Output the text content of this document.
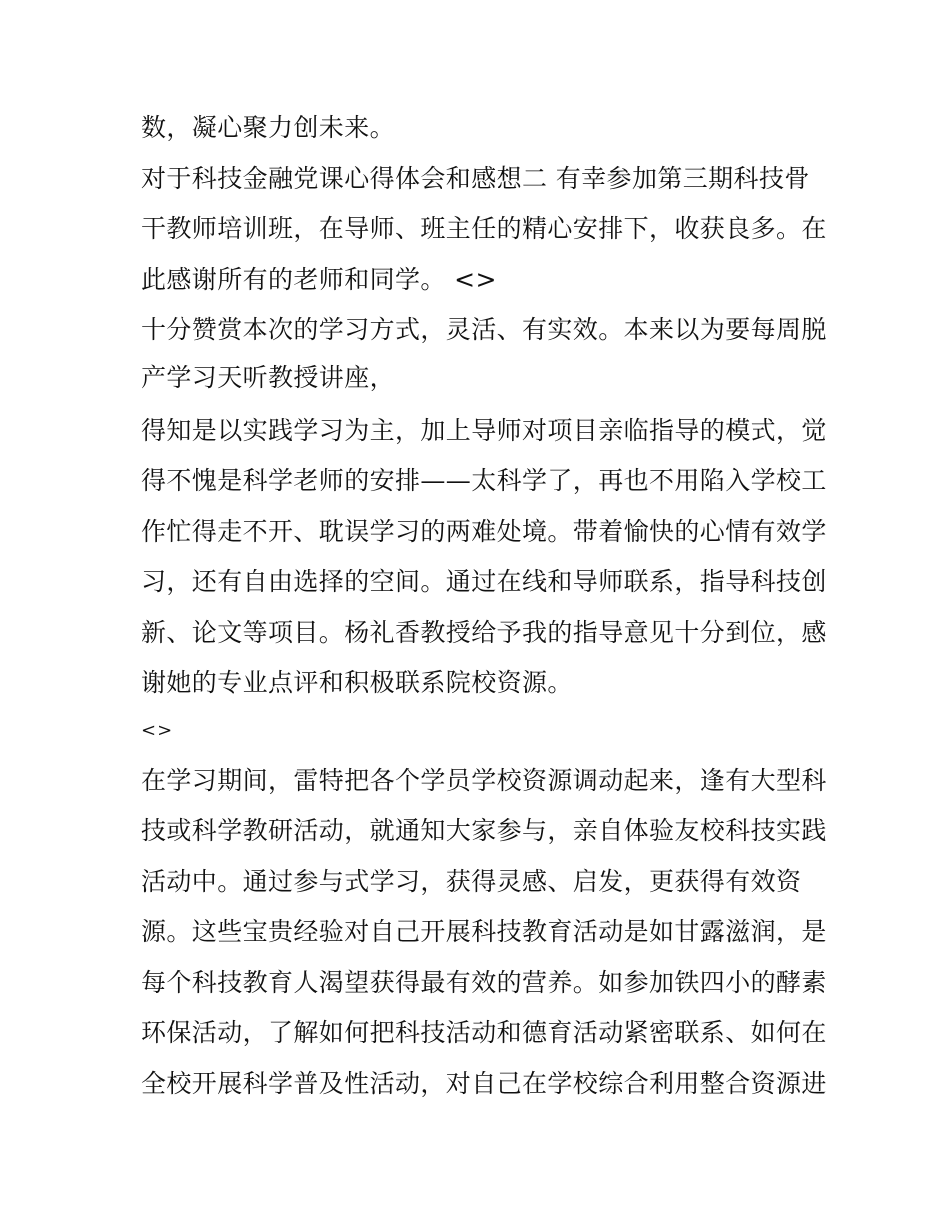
数，凝心聚力创未来。
对于科技金融党课心得体会和感想二 有幸参加第三期科技骨
干教师培训班，在导师、班主任的精心安排下，收获良多。在
此感谢所有的老师和同学。 <>
十分赞赏本次的学习方式，灵活、有实效。本来以为要每周脱
产学习天听教授讲座，
得知是以实践学习为主，加上导师对项目亲临指导的模式，觉
得不愧是科学老师的安排——太科学了，再也不用陷入学校工
作忙得走不开、耽误学习的两难处境。带着愉快的心情有效学
习，还有自由选择的空间。通过在线和导师联系，指导科技创
新、论文等项目。杨礼香教授给予我的指导意见十分到位，感
谢她的专业点评和积极联系院校资源。
<>
在学习期间，雷特把各个学员学校资源调动起来，逢有大型科
技或科学教研活动，就通知大家参与，亲自体验友校科技实践
活动中。通过参与式学习，获得灵感、启发，更获得有效资
源。这些宝贵经验对自己开展科技教育活动是如甘露滋润，是
每个科技教育人渴望获得最有效的营养。如参加铁四小的酵素
环保活动，了解如何把科技活动和德育活动紧密联系、如何在
全校开展科学普及性活动，对自己在学校综合利用整合资源进
